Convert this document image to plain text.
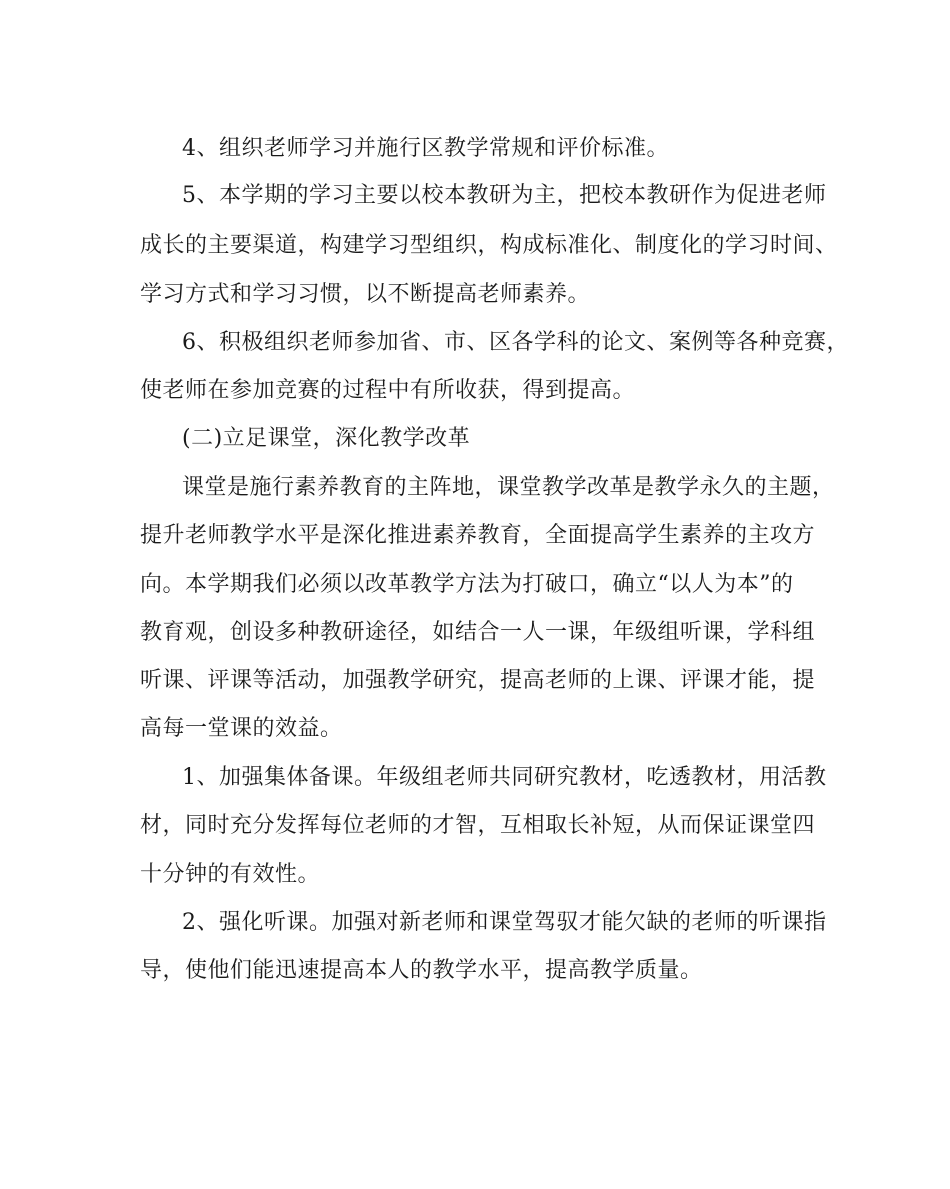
4、组织老师学习并施行区教学常规和评价标准。
5、本学期的学习主要以校本教研为主，把校本教研作为促进老师
成长的主要渠道，构建学习型组织，构成标准化、制度化的学习时间、
学习方式和学习习惯，以不断提高老师素养。
6、积极组织老师参加省、市、区各学科的论文、案例等各种竞赛，
使老师在参加竞赛的过程中有所收获，得到提高。
(二)立足课堂，深化教学改革
课堂是施行素养教育的主阵地，课堂教学改革是教学永久的主题，
提升老师教学水平是深化推进素养教育，全面提高学生素养的主攻方
向。本学期我们必须以改革教学方法为打破口，确立“以人为本”的
教育观，创设多种教研途径，如结合一人一课，年级组听课，学科组
听课、评课等活动，加强教学研究，提高老师的上课、评课才能，提
高每一堂课的效益。
1、加强集体备课。年级组老师共同研究教材，吃透教材，用活教
材，同时充分发挥每位老师的才智，互相取长补短，从而保证课堂四
十分钟的有效性。
2、强化听课。加强对新老师和课堂驾驭才能欠缺的老师的听课指
导，使他们能迅速提高本人的教学水平，提高教学质量。
